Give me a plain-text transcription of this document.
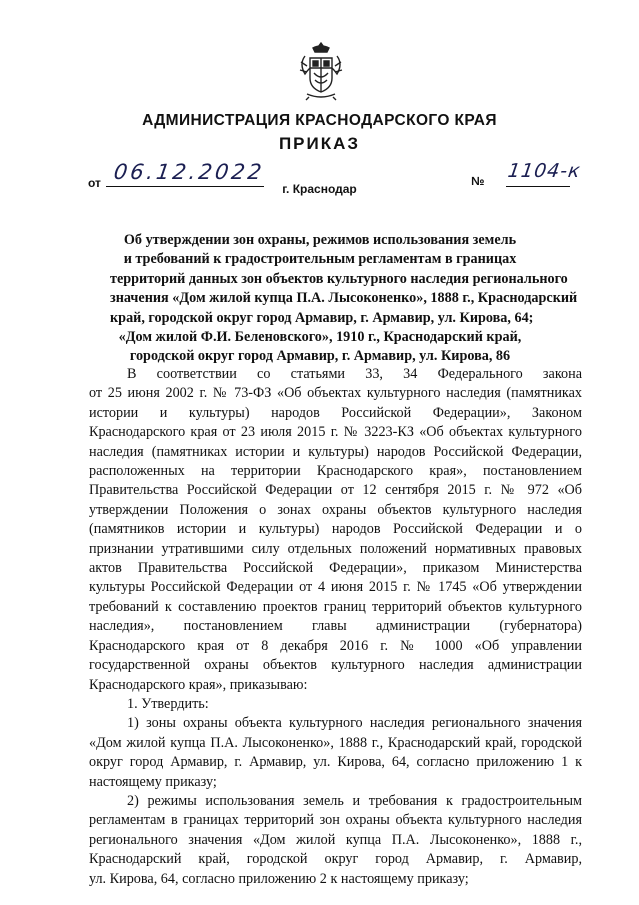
АДМИНИСТРАЦИЯ КРАСНОДАРСКОГО КРАЯ
ПРИКАЗ
от 06.12.2022	№ 1104-к
г. Краснодар
Об утверждении зон охраны, режимов использования земель
и требований к градостроительным регламентам в границах
территорий данных зон объектов культурного наследия регионального
значения «Дом жилой купца П.А. Лысоконенко», 1888 г., Краснодарский
край, городской округ город Армавир, г. Армавир, ул. Кирова, 64;
«Дом жилой Ф.И. Беленовского», 1910 г., Краснодарский край,
городской округ город Армавир, г. Армавир, ул. Кирова, 86
В соответствии со статьями 33, 34 Федерального закона
от 25 июня 2002 г. № 73-ФЗ «Об объектах культурного наследия (памятниках
истории и культуры) народов Российской Федерации», Законом
Краснодарского края от 23 июля 2015 г. № 3223-КЗ «Об объектах культурного
наследия (памятниках истории и культуры) народов Российской Федерации,
расположенных на территории Краснодарского края», постановлением
Правительства Российской Федерации от 12 сентября 2015 г. № 972 «Об
утверждении Положения о зонах охраны объектов культурного наследия
(памятников истории и культуры) народов Российской Федерации и о
признании утратившими силу отдельных положений нормативных правовых
актов Правительства Российской Федерации», приказом Министерства
культуры Российской Федерации от 4 июня 2015 г. № 1745 «Об утверждении
требований к составлению проектов границ территорий объектов культурного
наследия», постановлением главы администрации (губернатора)
Краснодарского края от 8 декабря 2016 г. № 1000 «Об управлении
государственной охраны объектов культурного наследия администрации
Краснодарского края», приказываю:
1. Утвердить:
1) зоны охраны объекта культурного наследия регионального значения
«Дом жилой купца П.А. Лысоконенко», 1888 г., Краснодарский край, городской
округ город Армавир, г. Армавир, ул. Кирова, 64, согласно приложению 1 к
настоящему приказу;
2) режимы использования земель и требования к градостроительным
регламентам в границах территорий зон охраны объекта культурного наследия
регионального значения «Дом жилой купца П.А. Лысоконенко», 1888 г.,
Краснодарский край, городской округ город Армавир, г. Армавир,
ул. Кирова, 64, согласно приложению 2 к настоящему приказу;
